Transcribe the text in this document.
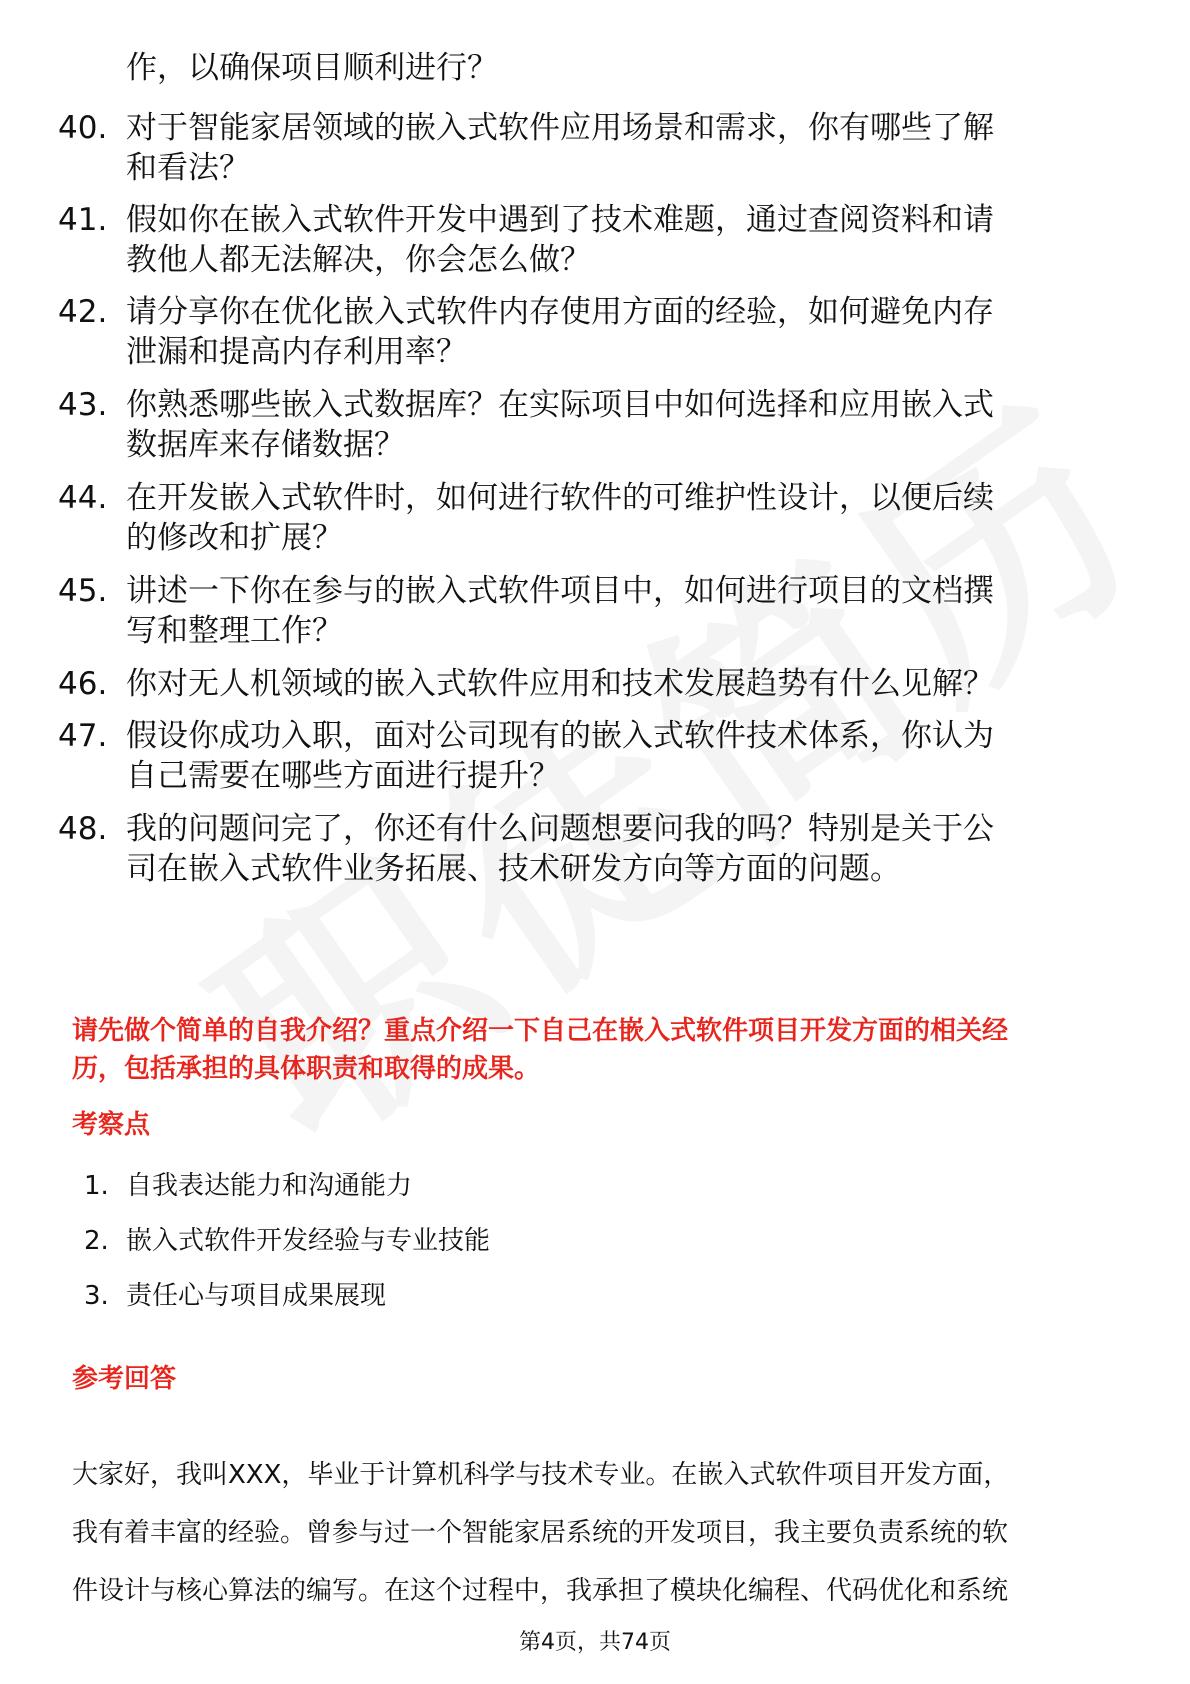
作，以确保项目顺利进行？
40. 对于智能家居领域的嵌入式软件应用场景和需求，你有哪些了解
和看法？
41. 假如你在嵌入式软件开发中遇到了技术难题，通过查阅资料和请
教他人都无法解决，你会怎么做？
42. 请分享你在优化嵌入式软件内存使用方面的经验，如何避免内存
泄漏和提高内存利用率？
43. 你熟悉哪些嵌入式数据库？在实际项目中如何选择和应用嵌入式
数据库来存储数据？
44. 在开发嵌入式软件时，如何进行软件的可维护性设计，以便后续
的修改和扩展？
45. 讲述一下你在参与的嵌入式软件项目中，如何进行项目的文档撰
写和整理工作？
46. 你对无人机领域的嵌入式软件应用和技术发展趋势有什么见解？
47. 假设你成功入职，面对公司现有的嵌入式软件技术体系，你认为
自己需要在哪些方面进行提升？
48. 我的问题问完了，你还有什么问题想要问我的吗？特别是关于公
司在嵌入式软件业务拓展、技术研发方向等方面的问题。
请先做个简单的自我介绍？重点介绍一下自己在嵌入式软件项目开发方面的相关经
历，包括承担的具体职责和取得的成果。
考察点
1. 自我表达能力和沟通能力
2. 嵌入式软件开发经验与专业技能
3. 责任心与项目成果展现
参考回答
大家好，我叫XXX，毕业于计算机科学与技术专业。在嵌入式软件项目开发方面，
我有着丰富的经验。曾参与过一个智能家居系统的开发项目，我主要负责系统的软
件设计与核心算法的编写。在这个过程中，我承担了模块化编程、代码优化和系统
第4页，共74页
